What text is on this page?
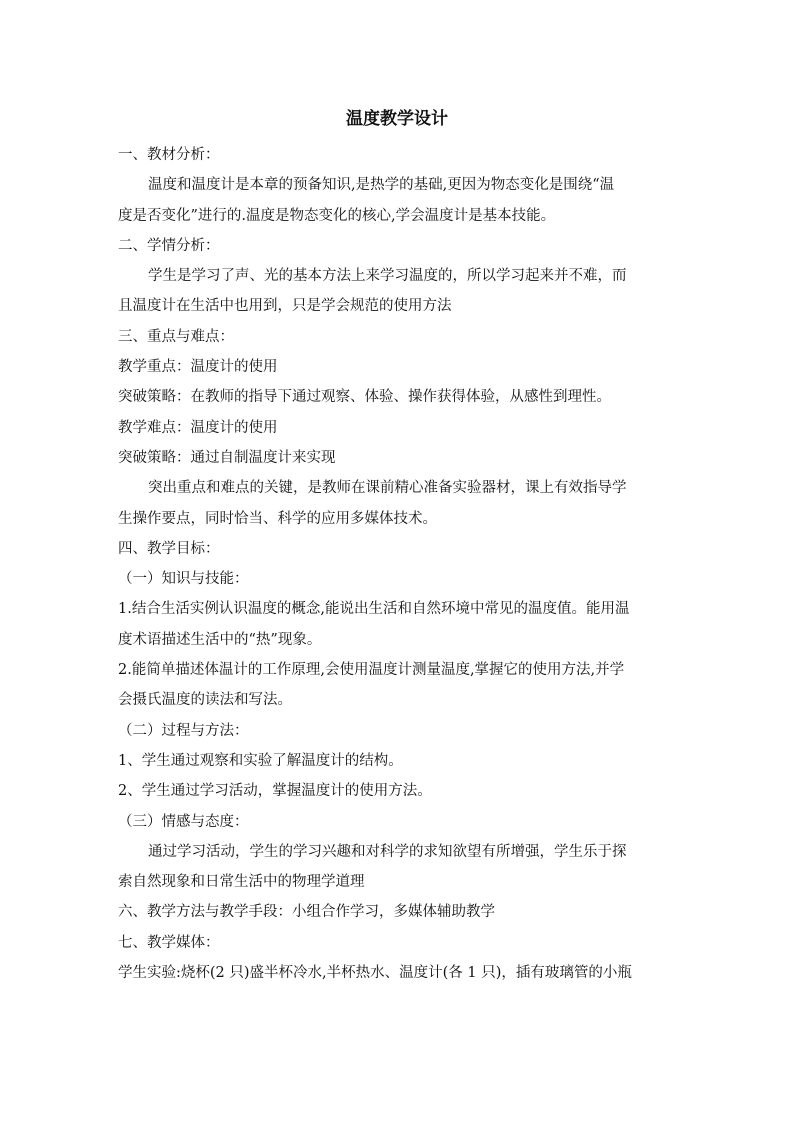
温度教学设计

一、教材分析：

温度和温度计是本章的预备知识,是热学的基础,更因为物态变化是围绕“温

度是否变化”进行的.温度是物态变化的核心,学会温度计是基本技能。

二、学情分析：

学生是学习了声、光的基本方法上来学习温度的，所以学习起来并不难，而

且温度计在生活中也用到，只是学会规范的使用方法

三、重点与难点：

教学重点：温度计的使用

突破策略：在教师的指导下通过观察、体验、操作获得体验，从感性到理性。

教学难点：温度计的使用

突破策略：通过自制温度计来实现

突出重点和难点的关键，是教师在课前精心准备实验器材，课上有效指导学

生操作要点，同时恰当、科学的应用多媒体技术。

四、教学目标：

（一）知识与技能：

1.结合生活实例认识温度的概念,能说出生活和自然环境中常见的温度值。能用温

度术语描述生活中的“热”现象。

2.能简单描述体温计的工作原理,会使用温度计测量温度,掌握它的使用方法,并学

会摄氏温度的读法和写法。

（二）过程与方法：

1、学生通过观察和实验了解温度计的结构。

2、学生通过学习活动，掌握温度计的使用方法。

（三）情感与态度：

通过学习活动，学生的学习兴趣和对科学的求知欲望有所增强，学生乐于探

索自然现象和日常生活中的物理学道理

六、教学方法与教学手段：小组合作学习，多媒体辅助教学

七、教学媒体：

学生实验:烧杯(2 只)盛半杯冷水,半杯热水、温度计(各 1 只)，插有玻璃管的小瓶
